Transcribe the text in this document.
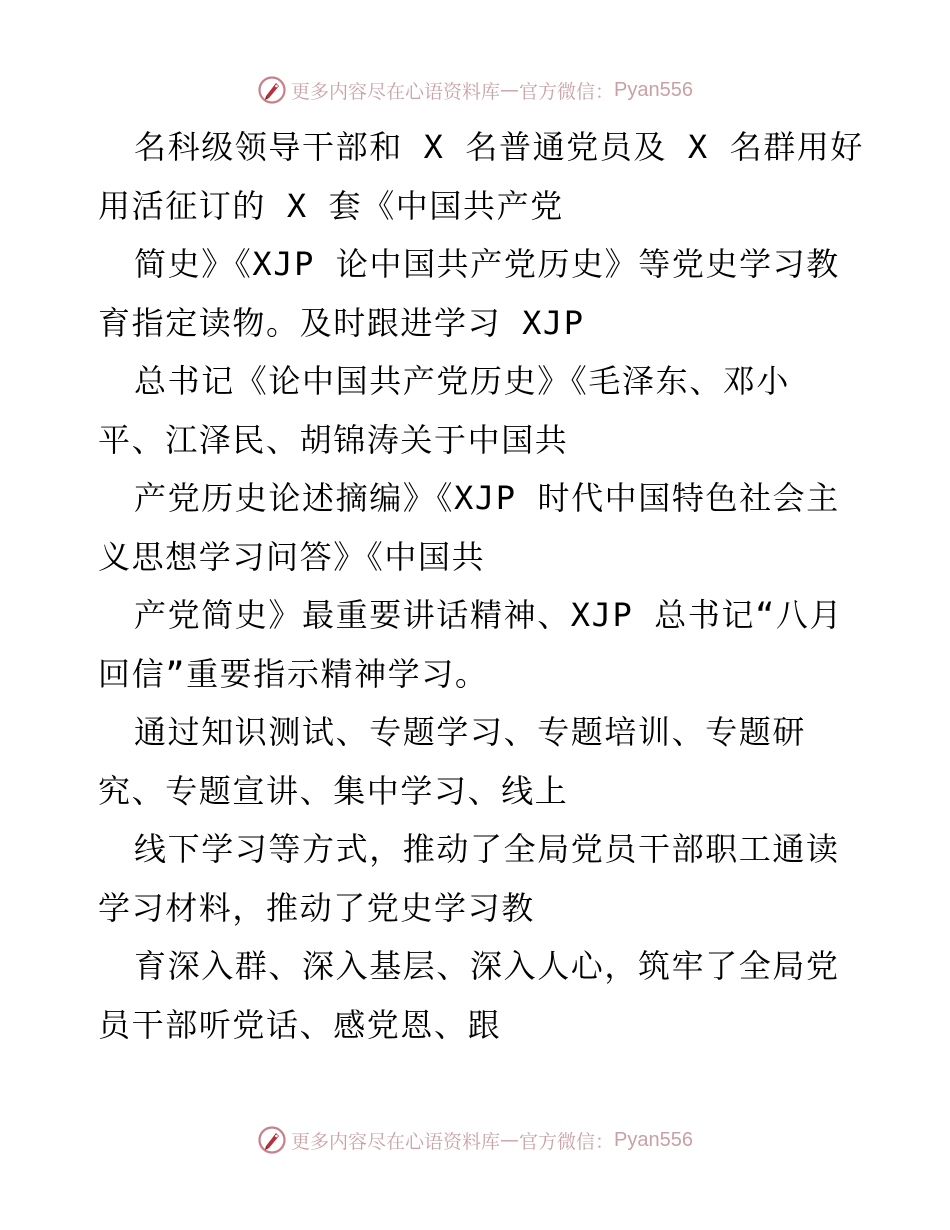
更多内容尽在心语资料库 — 官方微信： Pyan556
名科级领导干部和 X 名普通党员及 X 名群用好
用活征订的 X 套《中国共产党
简史》《XJP 论中国共产党历史》等党史学习教
育指定读物。及时跟进学习 XJP
总书记《论中国共产党历史》《毛泽东、邓小
平、江泽民、胡锦涛关于中国共
产党历史论述摘编》《XJP 时代中国特色社会主
义思想学习问答》《中国共
产党简史》最重要讲话精神、XJP 总书记“八月
回信”重要指示精神学习。
通过知识测试、专题学习、专题培训、专题研
究、专题宣讲、集中学习、线上
线下学习等方式，推动了全局党员干部职工通读
学习材料，推动了党史学习教
育深入群、深入基层、深入人心，筑牢了全局党
员干部听党话、感党恩、跟
更多内容尽在心语资料库 — 官方微信： Pyan556
